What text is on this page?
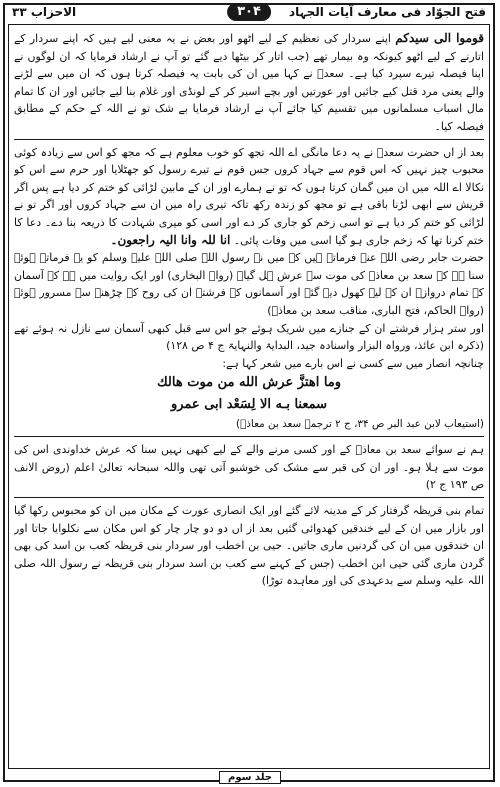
فتح الجوّاد فی معارف آیات الجہاد
۳۰۴
الاحزاب ۳۳

قوموا الی سیدکم اپنے سردار کی تعظیم کے لیے اٹھو اور بعض نے یہ معنی لیے ہیں کہ اپنے سردار کے اتارنے کے لیے اٹھو کیونکہ وہ بیمار تھے (جب اتار کر بیٹھا دیے گئے تو آپ نے ارشاد فرمایا کہ ان لوگوں نے اپنا فیصلہ تیرے سپرد کیا ہے۔ سعدؓ نے کہا میں ان کی بابت یہ فیصلہ کرتا ہوں کہ ان میں سے لڑنے والے یعنی مرد قتل کیے جائیں اور عورتیں اور بچے اسیر کر کے لونڈی اور غلام بنا لیے جائیں اور ان کا تمام مال اسباب مسلمانوں میں تقسیم کیا جائے آپ نے ارشاد فرمایا بے شک تو نے اللہ کے حکم کے مطابق فیصلہ کیا۔

بعد از اں حضرت سعدؓ نے یہ دعا مانگی اے اللہ تجھ کو خوب معلوم ہے کہ مجھ کو اس سے زیادہ کوئی محبوب چیز نہیں کہ اس قوم سے جہاد کروں جس قوم نے تیرے رسول کو جھٹلایا اور حرم سے اس کو نکالا اے اللہ میں ان میں گمان کرتا ہوں کہ تو نے ہمارے اور ان کے مابین لڑائی کو ختم کر دیا ہے پس اگر قریش سے ابھی لڑنا باقی ہے تو مجھ کو زندہ رکھ تاکہ تیری راہ میں ان سے جہاد کروں اور اگر تو نے لڑائی کو ختم کر دیا ہے تو اسی زخم کو جاری کر دے اور اسی کو میری شہادت کا ذریعہ بنا دے۔ دعا کا ختم کرنا تھا کہ زخم جاری ہو گیا اسی میں وفات پائی۔ انا للہ وانا الیہ راجعون۔

حضرت جابر رضی اللہ عنہ فرماتے ہیں کہ میں نے رسول اللہ صلی اللہ علیہ وسلم کو یہ فرماتے ہوئے سنا ہے کہ سعد بن معاذؓ کی موت سے عرش ہل گیا۔ (رواہ البخاری) اور ایک روایت میں ہے کہ آسمان کے تمام دروازے ان کے لیے کھول دیے گئے اور آسمانوں کے فرشتے ان کی روح کے چڑھنے سے مسرور ہوئے (رواہ الحاکم، فتح الباری، مناقب سعد بن معاذؓ)

اور ستر ہزار فرشتے ان کے جنازے میں شریک ہوئے جو اس سے قبل کبھی آسمان سے نازل نہ ہوئے تھے (ذکرہ ابن عائذ، ورواہ البزار واسنادہ جید، البدایۃ والنہایۃ ج ۴ ص ۱۲۸)

چنانچہ انصار میں سے کسی نے اس بارے میں شعر کہا ہے:

وما اهتزَّ عرش الله من موت هالك

سمعنا بـه الا لِسَعْد ابی عمرو

(استیعاب لابن عبد البر ص ۳۴، ج ۲ ترجمہ سعد بن معاذؓ)

ہم نے سوائے سعد بن معاذؓ کے اور کسی مرنے والے کے لیے کبھی نہیں سنا کہ عرش خداوندی اس کی موت سے ہلا ہو۔ اور ان کی قبر سے مشک کی خوشبو آتی تھی واللہ سبحانہ تعالیٰ اعلم (روض الانف ص ۱۹۳ ج ۲)

تمام بنی قریظہ گرفتار کر کے مدینہ لائے گئے اور ایک انصاری عورت کے مکان میں ان کو محبوس رکھا گیا اور بازار میں ان کے لیے خندقیں کھدوائی گئیں بعد از اں دو دو چار چار کو اس مکان سے نکلوایا جاتا اور ان خندقوں میں ان کی گردنیں ماری جاتیں۔ حیی بن اخطب اور سردار بنی قریظہ کعب بن اسد کی بھی گردن ماری گئی حیی ابن اخطب (جس کے کہنے سے کعب بن اسد سردار بنی قریظہ نے رسول اللہ صلی اللہ علیہ وسلم سے بدعہدی کی اور معاہدہ توڑا)

جلد سوم
